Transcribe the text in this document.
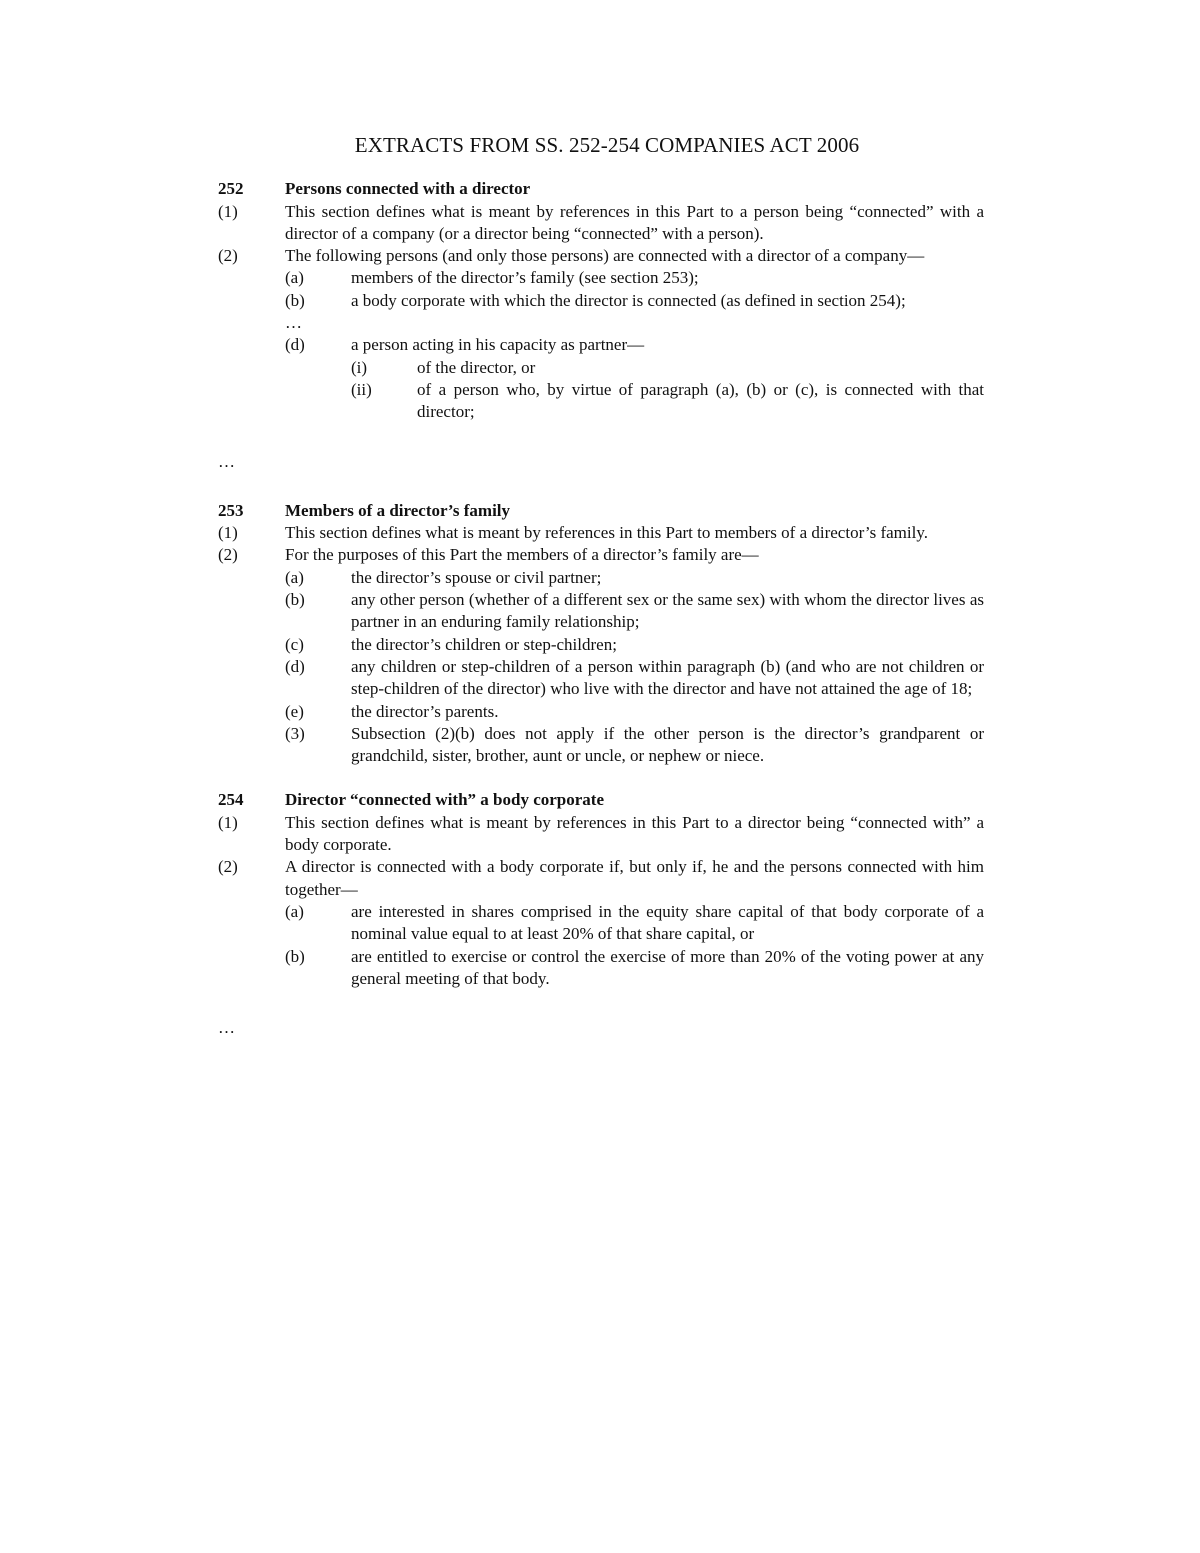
EXTRACTS FROM SS. 252-254 COMPANIES ACT 2006
252	Persons connected with a director
(1)	This section defines what is meant by references in this Part to a person being “connected” with a director of a company (or a director being “connected” with a person).
(2)	The following persons (and only those persons) are connected with a director of a company—
(a)	members of the director’s family (see section 253);
(b)	a body corporate with which the director is connected (as defined in section 254);
…
(d)	a person acting in his capacity as partner—
(i)	of the director, or
(ii)	of a person who, by virtue of paragraph (a), (b) or (c), is connected with that director;
…
253	Members of a director’s family
(1)	This section defines what is meant by references in this Part to members of a director’s family.
(2)	For the purposes of this Part the members of a director’s family are—
(a)	the director’s spouse or civil partner;
(b)	any other person (whether of a different sex or the same sex) with whom the director lives as partner in an enduring family relationship;
(c)	the director’s children or step-children;
(d)	any children or step-children of a person within paragraph (b) (and who are not children or step-children of the director) who live with the director and have not attained the age of 18;
(e)	the director’s parents.
(3)	Subsection (2)(b) does not apply if the other person is the director’s grandparent or grandchild, sister, brother, aunt or uncle, or nephew or niece.
254	Director “connected with” a body corporate
(1)	This section defines what is meant by references in this Part to a director being “connected with” a body corporate.
(2)	A director is connected with a body corporate if, but only if, he and the persons connected with him together—
(a)	are interested in shares comprised in the equity share capital of that body corporate of a nominal value equal to at least 20% of that share capital, or
(b)	are entitled to exercise or control the exercise of more than 20% of the voting power at any general meeting of that body.
…
